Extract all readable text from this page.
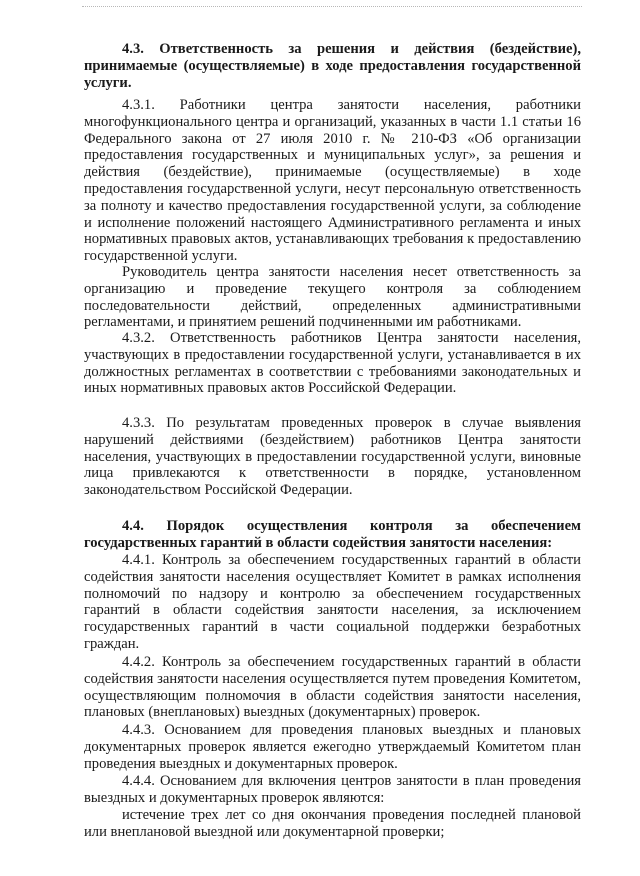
4.3. Ответственность за решения и действия (бездействие), принимаемые (осуществляемые) в ходе предоставления государственной услуги.

4.3.1. Работники центра занятости населения, работники многофункционального центра и организаций, указанных в части 1.1 статьи 16 Федерального закона от 27 июля 2010 г. № 210-ФЗ «Об организации предоставления государственных и муниципальных услуг», за решения и действия (бездействие), принимаемые (осуществляемые) в ходе предоставления государственной услуги, несут персональную ответственность за полноту и качество предоставления государственной услуги, за соблюдение и исполнение положений настоящего Административного регламента и иных нормативных правовых актов, устанавливающих требования к предоставлению государственной услуги.

Руководитель центра занятости населения несет ответственность за организацию и проведение текущего контроля за соблюдением последовательности действий, определенных административными регламентами, и принятием решений подчиненными им работниками.

4.3.2. Ответственность работников Центра занятости населения, участвующих в предоставлении государственной услуги, устанавливается в их должностных регламентах в соответствии с требованиями законодательных и иных нормативных правовых актов Российской Федерации.

4.3.3. По результатам проведенных проверок в случае выявления нарушений действиями (бездействием) работников Центра занятости населения, участвующих в предоставлении государственной услуги, виновные лица привлекаются к ответственности в порядке, установленном законодательством Российской Федерации.

4.4. Порядок осуществления контроля за обеспечением государственных гарантий в области содействия занятости населения:

4.4.1. Контроль за обеспечением государственных гарантий в области содействия занятости населения осуществляет Комитет в рамках исполнения полномочий по надзору и контролю за обеспечением государственных гарантий в области содействия занятости населения, за исключением государственных гарантий в части социальной поддержки безработных граждан.

4.4.2. Контроль за обеспечением государственных гарантий в области содействия занятости населения осуществляется путем проведения Комитетом, осуществляющим полномочия в области содействия занятости населения, плановых (внеплановых) выездных (документарных) проверок.

4.4.3. Основанием для проведения плановых выездных и плановых документарных проверок является ежегодно утверждаемый Комитетом план проведения выездных и документарных проверок.

4.4.4. Основанием для включения центров занятости в план проведения выездных и документарных проверок являются:

истечение трех лет со дня окончания проведения последней плановой или внеплановой выездной или документарной проверки;
